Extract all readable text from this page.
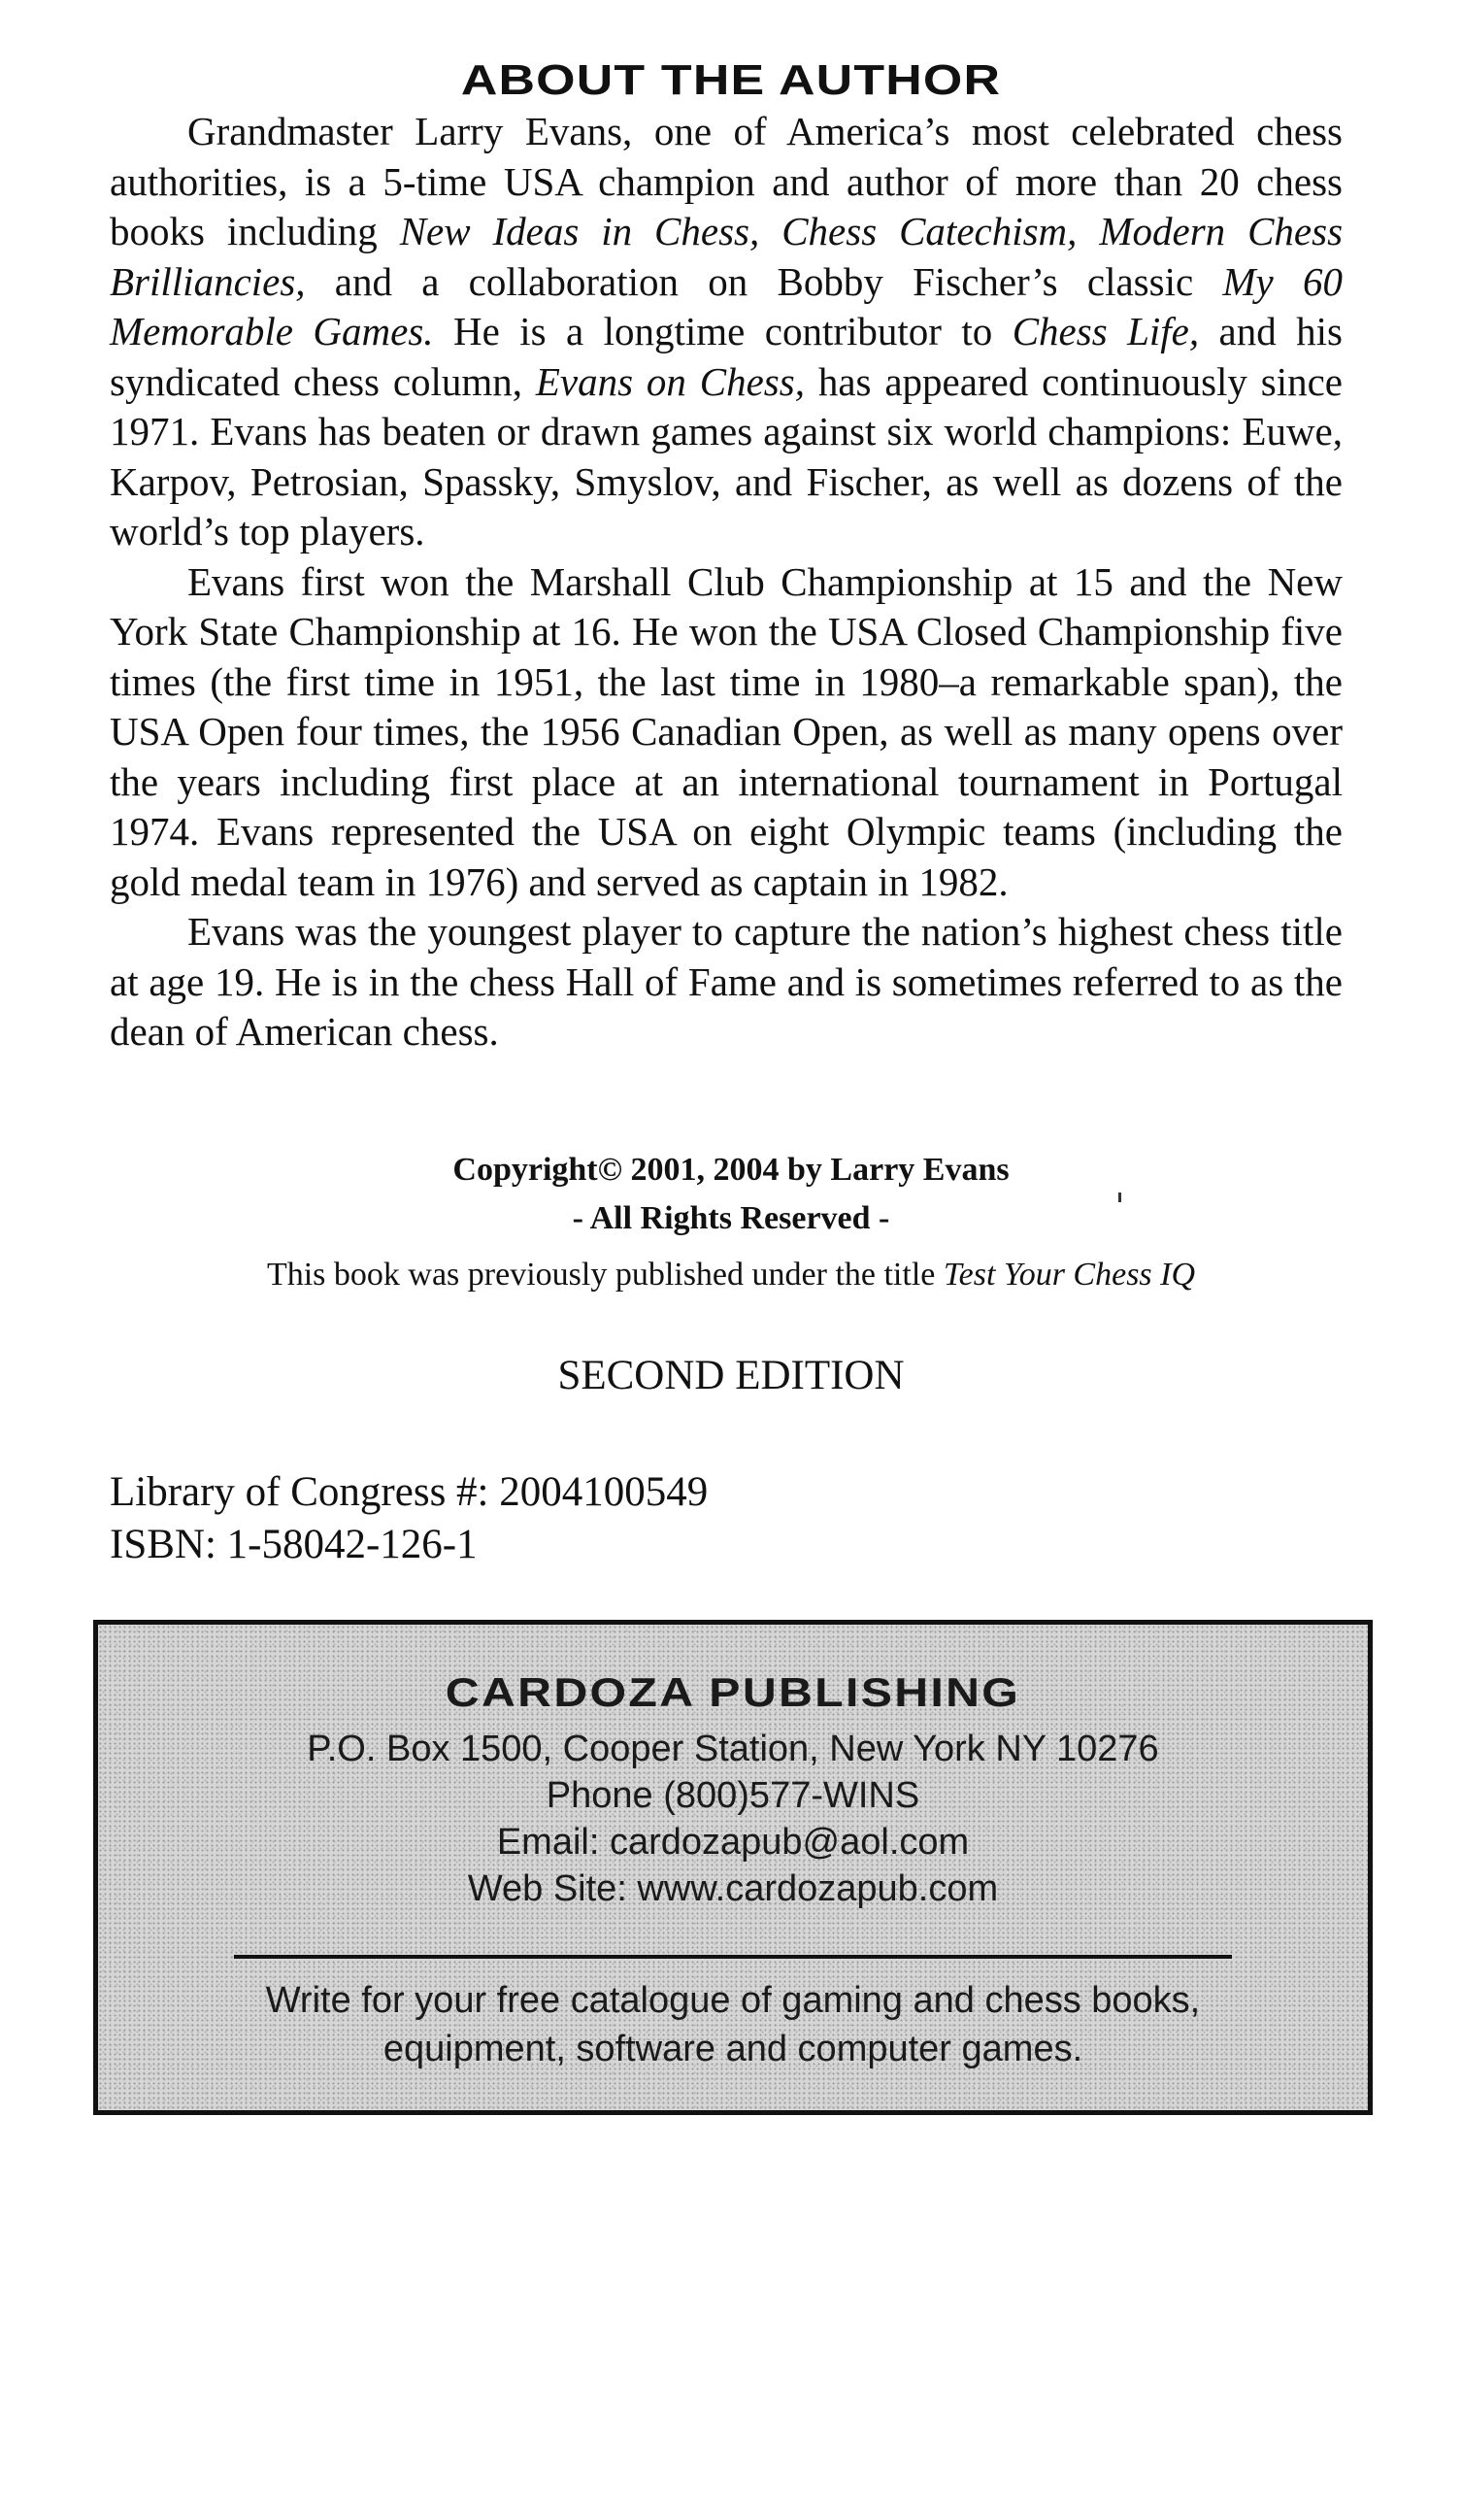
ABOUT THE AUTHOR

Grandmaster Larry Evans, one of America’s most celebrated chess authorities, is a 5-time USA champion and author of more than 20 chess books including New Ideas in Chess, Chess Catechism, Modern Chess Brilliancies, and a collaboration on Bobby Fischer’s classic My 60 Memorable Games. He is a longtime contributor to Chess Life, and his syndicated chess column, Evans on Chess, has appeared continuously since 1971. Evans has beaten or drawn games against six world champions: Euwe, Karpov, Petrosian, Spassky, Smyslov, and Fischer, as well as dozens of the world’s top players.

Evans first won the Marshall Club Championship at 15 and the New York State Championship at 16. He won the USA Closed Championship five times (the first time in 1951, the last time in 1980–a remarkable span), the USA Open four times, the 1956 Canadian Open, as well as many opens over the years including first place at an international tournament in Portugal 1974. Evans represented the USA on eight Olympic teams (including the gold medal team in 1976) and served as captain in 1982.

Evans was the youngest player to capture the nation’s highest chess title at age 19. He is in the chess Hall of Fame and is sometimes referred to as the dean of American chess.

Copyright© 2001, 2004 by Larry Evans
- All Rights Reserved -
This book was previously published under the title Test Your Chess IQ
SECOND EDITION
Library of Congress #: 2004100549
ISBN: 1-58042-126-1
CARDOZA PUBLISHING
P.O. Box 1500, Cooper Station, New York NY 10276
Phone (800)577-WINS
Email: cardozapub@aol.com
Web Site: www.cardozapub.com
Write for your free catalogue of gaming and chess books,
equipment, software and computer games.
